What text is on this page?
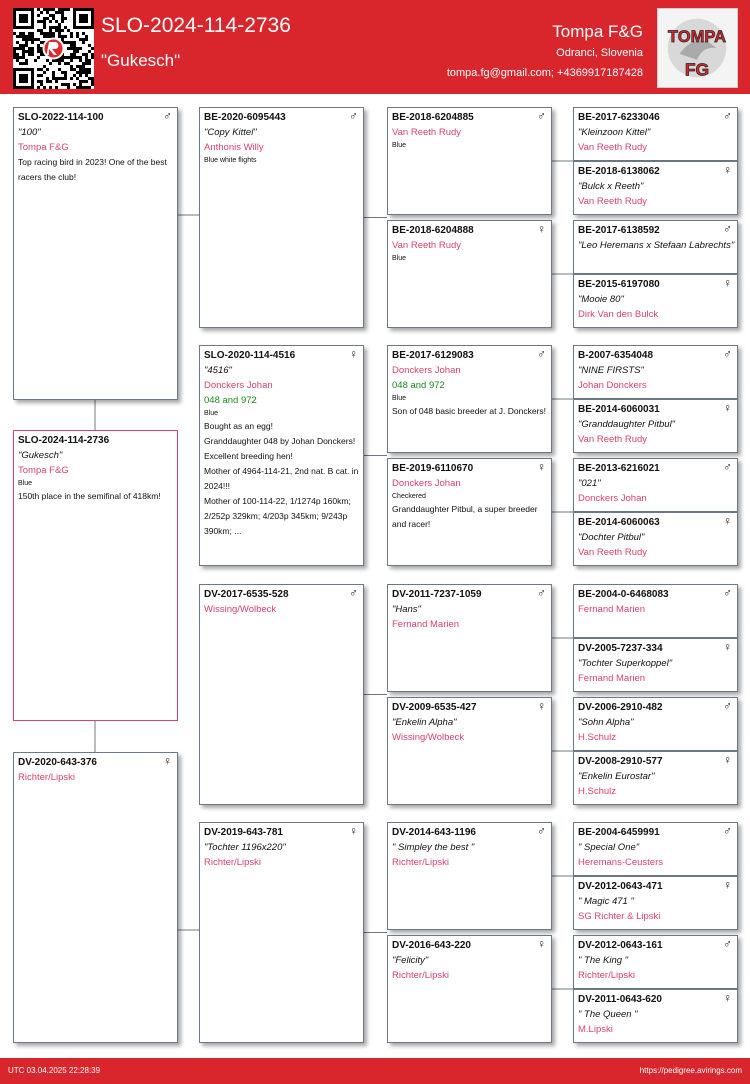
SLO-2024-114-2736
"Gukesch"
Tompa F&G
Odranci, Slovenia
tompa.fg@gmail.com; +4369917187428
TOMPA
FG
SLO-2024-114-2736
"Gukesch"
Tompa F&G
Blue
150th place in the semifinal of 418km!
SLO-2022-114-100
"100"
Tompa F&G
Top racing bird in 2023! One of the best racers the club!
♂
DV-2020-643-376
Richter/Lipski
♀
BE-2020-6095443
"Copy Kittel"
Anthonis Willy
Blue white flights
♂
SLO-2020-114-4516
"4516"
Donckers Johan
048 and 972
Blue
Bought as an egg!
Granddaughter 048 by Johan Donckers!
Excellent breeding hen!
Mother of 4964-114-21, 2nd nat. B cat. in 2024!!!
Mother of 100-114-22, 1/1274p 160km; 2/252p 329km; 4/203p 345km; 9/243p 390km; ...
♀
DV-2017-6535-528
Wissing/Wolbeck
♂
DV-2019-643-781
"Tochter 1196x220"
Richter/Lipski
♀
BE-2018-6204885
Van Reeth Rudy
Blue
♂
BE-2018-6204888
Van Reeth Rudy
Blue
♀
BE-2017-6129083
Donckers Johan
048 and 972
Blue
Son of 048 basic breeder at J. Donckers!
♂
BE-2019-6110670
Donckers Johan
Checkered
Granddaughter Pitbul, a super breeder and racer!
♀
DV-2011-7237-1059
"Hans"
Fernand Marien
♂
DV-2009-6535-427
"Enkelin Alpha"
Wissing/Wolbeck
♀
DV-2014-643-1196
" Simpley the best "
Richter/Lipski
♂
DV-2016-643-220
"Felicity"
Richter/Lipski
♀
BE-2017-6233046
"Kleinzoon Kittel"
Van Reeth Rudy
♂
BE-2018-6138062
"Bulck x Reeth"
Van Reeth Rudy
♀
BE-2017-6138592
"Leo Heremans x Stefaan Labrechts"
♂
BE-2015-6197080
"Mooie 80"
Dirk Van den Bulck
♀
B-2007-6354048
"NINE FIRSTS"
Johan Donckers
♂
BE-2014-6060031
"Granddaughter Pitbul"
Van Reeth Rudy
♀
BE-2013-6216021
"021"
Donckers Johan
♂
BE-2014-6060063
"Dochter Pitbul"
Van Reeth Rudy
♀
BE-2004-0-6468083
Fernand Marien
♂
DV-2005-7237-334
"Tochter Superkoppel"
Fernand Marien
♀
DV-2006-2910-482
"Sohn Alpha"
H.Schulz
♂
DV-2008-2910-577
"Enkelin Eurostar"
H.Schulz
♀
BE-2004-6459991
" Special One"
Heremans-Ceusters
♂
DV-2012-0643-471
" Magic 471 "
SG Richter & Lipski
♀
DV-2012-0643-161
" The King "
Richter/Lipski
♂
DV-2011-0643-620
" The Queen "
M.Lipski
♀
UTC 03.04.2025 22:28:39	https://pedigree.avirings.com
